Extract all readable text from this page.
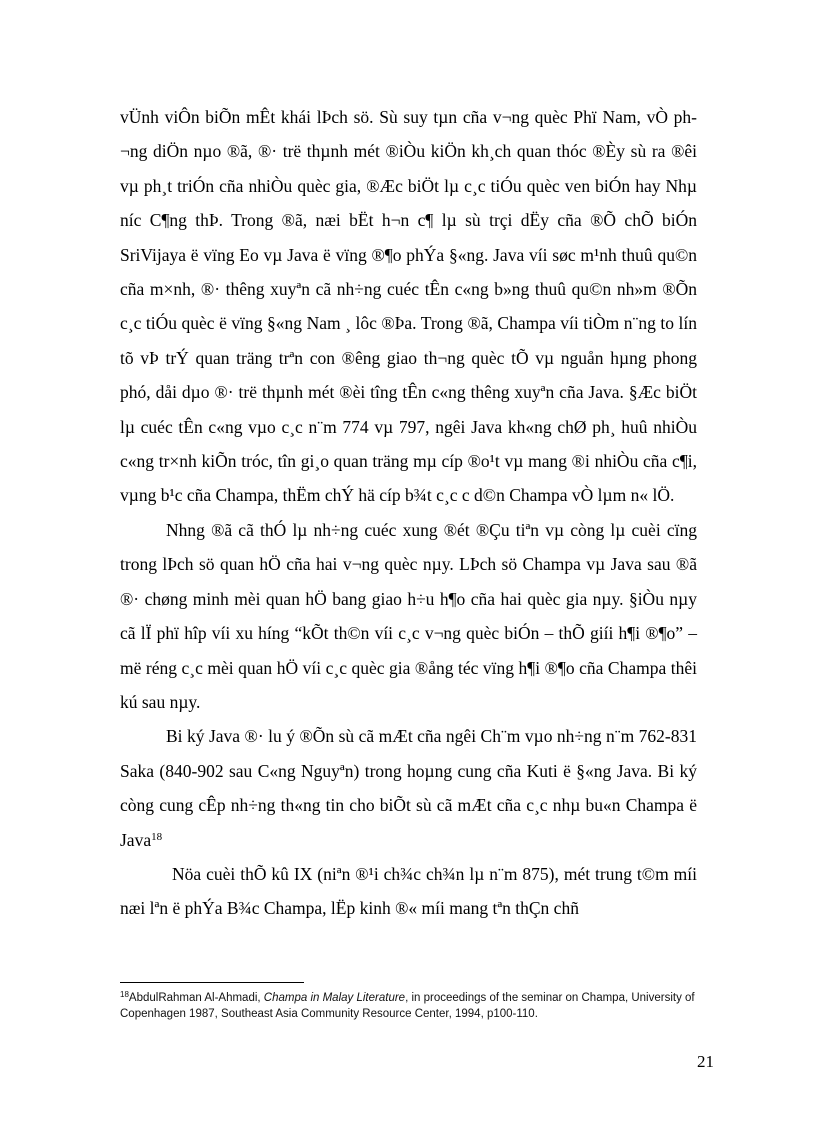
vÜnh viÔn biÕn mÊt khái lÞch sö. Sù suy tµn cña v¬ng quèc Phï Nam, vÒ ph¬ng diÖn nµo ®ã, ®· trë thµnh mét ®iÒu kiÖn kh¸ch quan thóc ®Èy sù ra ®êi vµ ph¸t triÓn cña nhiÒu quèc gia, ®Æc biÖt lµ c¸c tiÓu quèc ven biÓn hay Nhµ níc C¶ng thÞ. Trong ®ã, næi bËt h¬n c¶ lµ sù trçi dËy cña ®Õ chÕ biÓn SriVijaya ë vïng Eo vµ Java ë vïng ®¶o phÝa §«ng. Java víi søc m¹nh thuû qu©n cña m×nh, ®· thêng xuyªn cã nh÷ng cuéc tÊn c«ng b»ng thuû qu©n nh»m ®Õn c¸c tiÓu quèc ë vïng §«ng Nam ¸ lôc ®Þa. Trong ®ã, Champa víi tiÒm n¨ng to lín tõ vÞ trÝ quan träng trªn con ®êng giao th¬ng quèc tÕ vµ nguån hµng phong phó, dåi dµo ®· trë thµnh mét ®èi tîng tÊn c«ng thêng xuyªn cña Java. §Æc biÖt lµ cuéc tÊn c«ng vµo c¸c n¨m 774 vµ 797, ngêi Java kh«ng chØ ph¸ huû nhiÒu c«ng tr×nh kiÕn tróc, tîn gi¸o quan träng mµ cíp ®o¹t vµ mang ®i nhiÒu cña c¶i, vµng b¹c cña Champa, thËm chÝ hä cíp b¾t c¸c c d©n Champa vÒ lµm n« lÖ.

Nhng ®ã cã thÓ lµ nh÷ng cuéc xung ®ét ®Çu tiªn vµ còng lµ cuèi cïng trong lÞch sö quan hÖ cña hai v¬ng quèc nµy. LÞch sö Champa vµ Java sau ®ã ®· chøng minh mèi quan hÖ bang giao h÷u h¶o cña hai quèc gia nµy. §iÒu nµy cã lÏ phï hîp víi xu híng “kÕt th©n víi c¸c v¬ng quèc biÓn – thÕ giíi h¶i ®¶o” – më réng c¸c mèi quan hÖ víi c¸c quèc gia ®ång téc vïng h¶i ®¶o cña Champa thêi kú sau nµy.

Bi ký Java ®· lu ý ®Õn sù cã mÆt cña ngêi Ch¨m vµo nh÷ng n¨m 762-831 Saka (840-902 sau C«ng Nguyªn) trong hoµng cung cña Kuti ë §«ng Java. Bi ký còng cung cÊp nh÷ng th«ng tin cho biÕt sù cã mÆt cña c¸c nhµ bu«n Champa ë Java$^{18}$

Nöa cuèi thÕ kû IX (niªn ®¹i ch¾c ch¾n lµ n¨m 875), mét trung t©m míi næi lªn ë phÝa B¾c Champa, lËp kinh ®« míi mang tªn thÇn chñ

$^{18}$AbdulRahman Al-Ahmadi, Champa in Malay Literature, in proceedings of the seminar on Champa, University of Copenhagen 1987, Southeast Asia Community Resource Center, 1994, p100-110.
21
